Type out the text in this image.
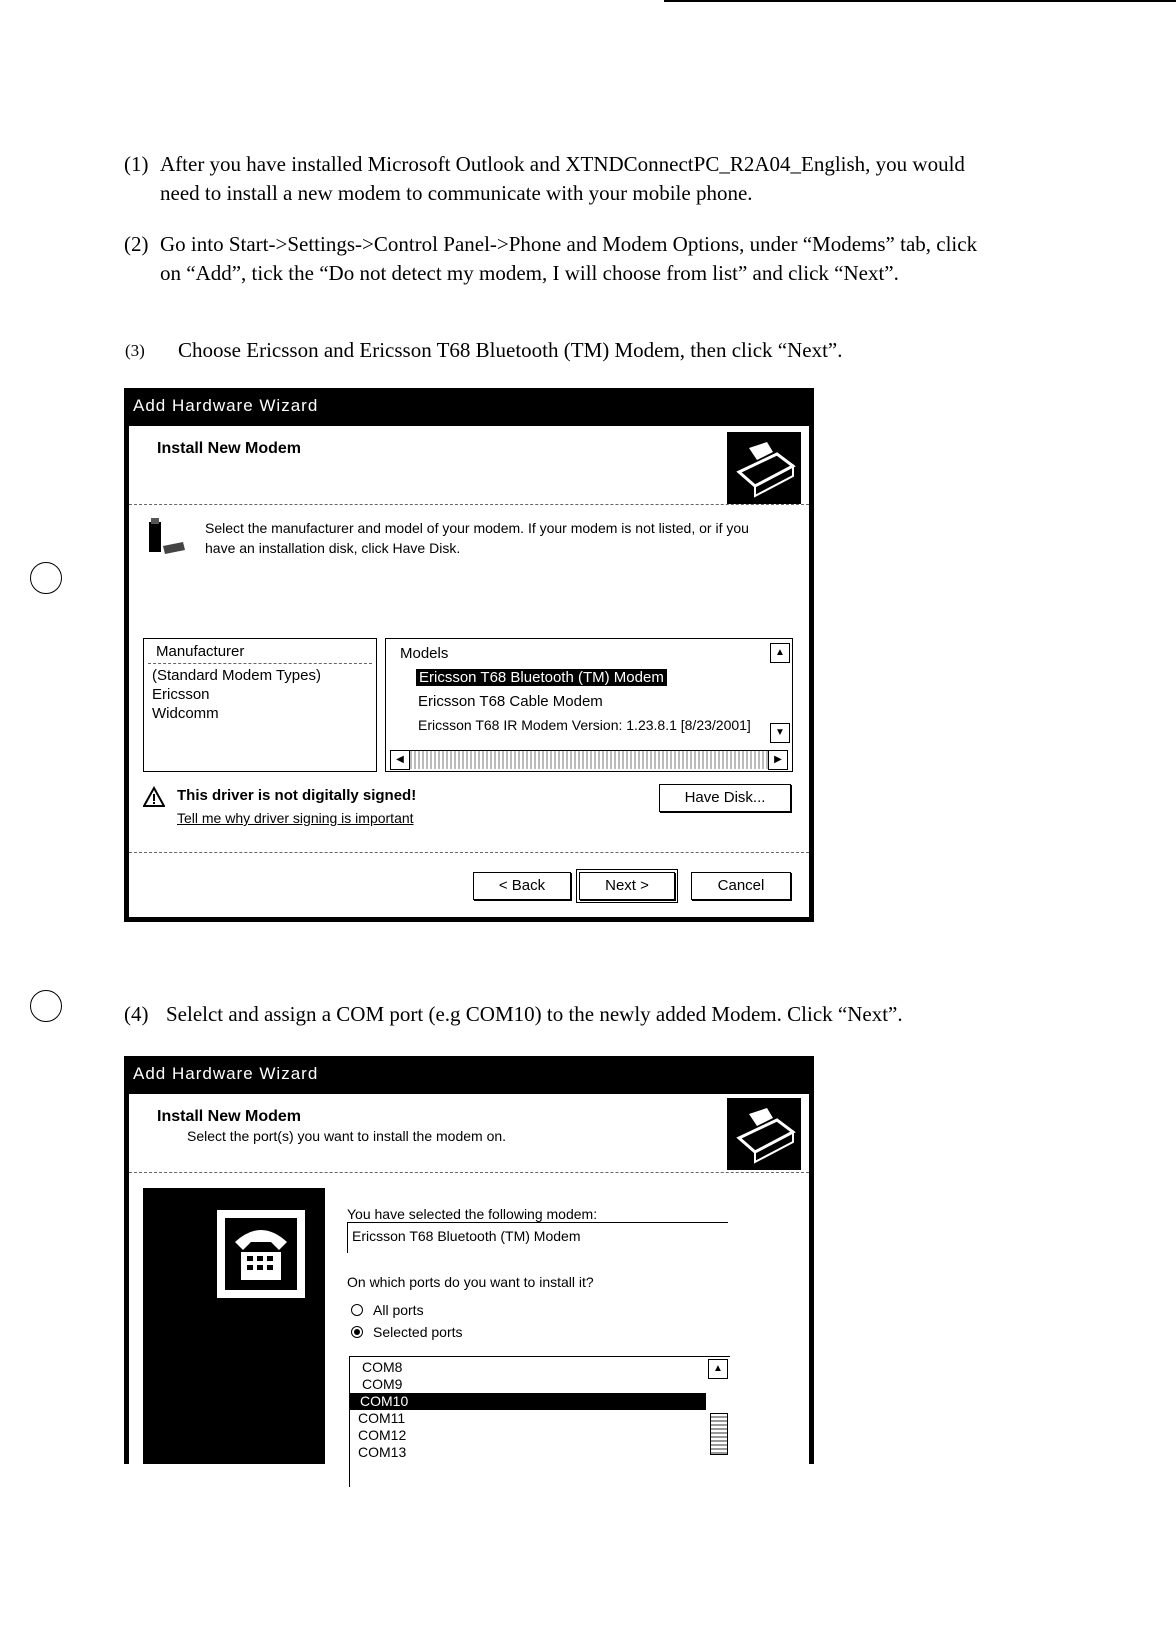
(1) After you have installed Microsoft Outlook and XTNDConnectPC_R2A04_English, you would need to install a new modem to communicate with your mobile phone.
(2) Go into Start->Settings->Control Panel->Phone and Modem Options, under “Modems” tab, click on “Add”, tick the “Do not detect my modem, I will choose from list” and click “Next”.
(3) Choose Ericsson and Ericsson T68 Bluetooth (TM) Modem, then click “Next”.
Add Hardware Wizard
Install New Modem
Select the manufacturer and model of your modem. If your modem is not listed, or if you have an installation disk, click Have Disk.
Manufacturer
(Standard Modem Types)
Ericsson
Widcomm
Models	▲
Ericsson T68 Bluetooth (TM) Modem
Ericsson T68 Cable Modem
Ericsson T68 IR Modem Version: 1.23.8.1 [8/23/2001]	▼
◀	▶
This driver is not digitally signed!
Tell me why driver signing is important
Have Disk...
< Back	Next >	Cancel
(4) Selelct and assign a COM port (e.g COM10) to the newly added Modem. Click “Next”.
Add Hardware Wizard
Install New Modem
Select the port(s) you want to install the modem on.
You have selected the following modem:
Ericsson T68 Bluetooth (TM) Modem
On which ports do you want to install it?
All ports
Selected ports
COM8
COM9
COM10
COM11
COM12
COM13
▲
